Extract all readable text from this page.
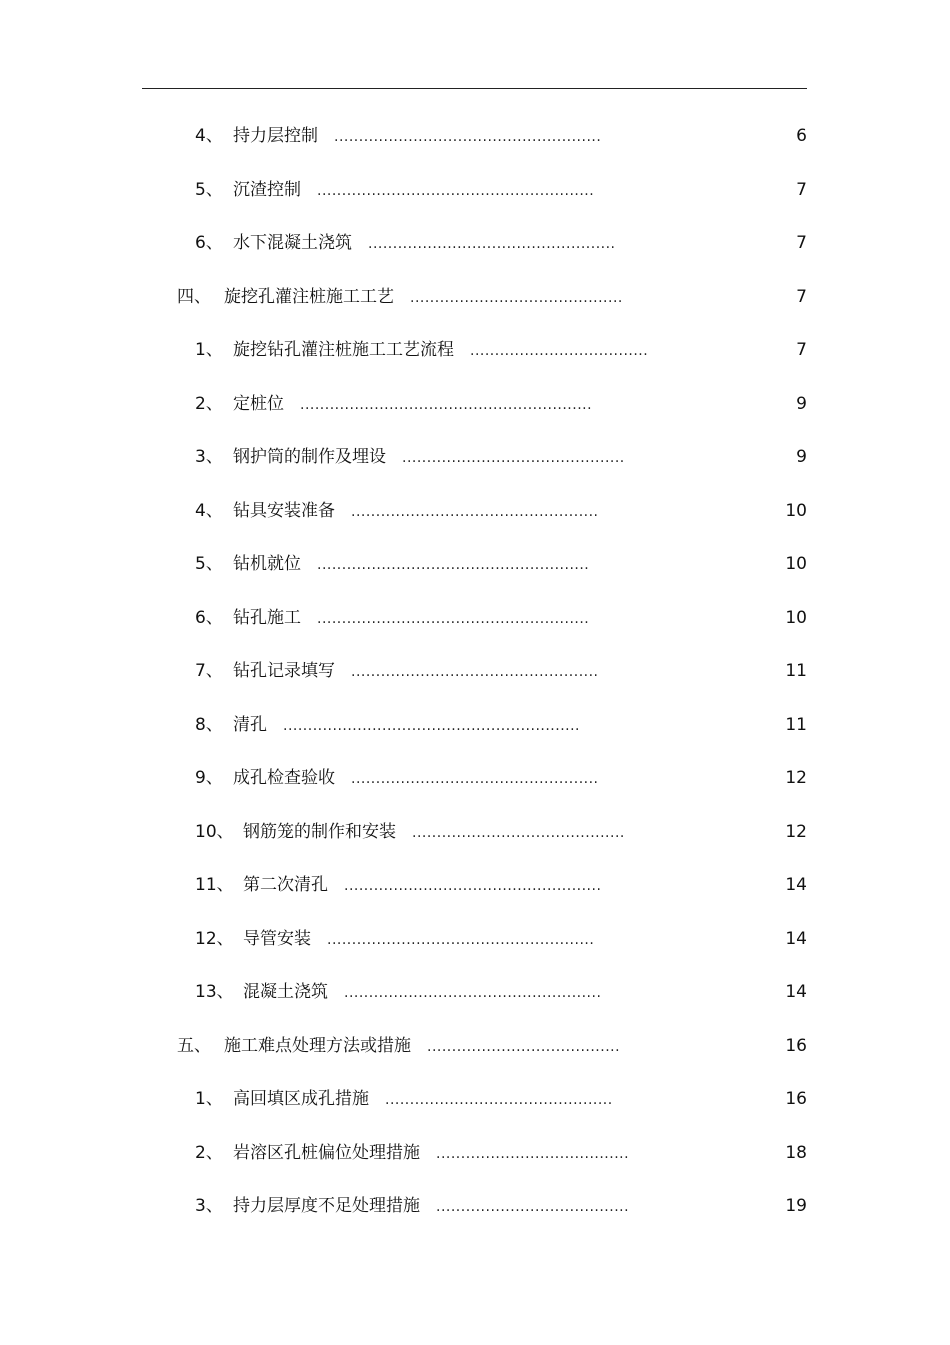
4、 持力层控制 ......................................................	6
5、 沉渣控制 ........................................................	7
6、 水下混凝土浇筑 ..................................................	7
四、 旋挖孔灌注桩施工工艺 ...........................................	7
1、 旋挖钻孔灌注桩施工工艺流程 ....................................	7
2、 定桩位 ...........................................................	9
3、 钢护筒的制作及埋设 .............................................	9
4、 钻具安装准备 ..................................................	10
5、 钻机就位 .......................................................	10
6、 钻孔施工 .......................................................	10
7、 钻孔记录填写 ..................................................	11
8、 清孔 ............................................................	11
9、 成孔检查验收 ..................................................	12
10、 钢筋笼的制作和安装 ...........................................	12
11、 第二次清孔 ....................................................	14
12、 导管安装 ......................................................	14
13、 混凝土浇筑 ....................................................	14
五、 施工难点处理方法或措施 .......................................	16
1、 高回填区成孔措施 ..............................................	16
2、 岩溶区孔桩偏位处理措施 .......................................	18
3、 持力层厚度不足处理措施 .......................................	19
